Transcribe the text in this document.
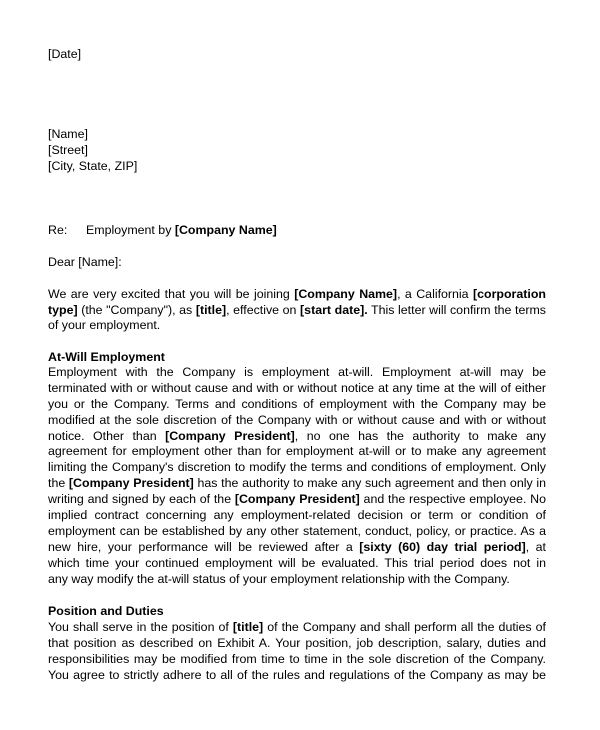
[Date]
[Name]
[Street]
[City, State, ZIP]
Re: Employment by [Company Name]
Dear [Name]:
We are very excited that you will be joining [Company Name], a California [corporation
type] (the "Company"), as [title], effective on [start date]. This letter will confirm the terms
of your employment.
At-Will Employment
Employment with the Company is employment at-will. Employment at-will may be
terminated with or without cause and with or without notice at any time at the will of either
you or the Company. Terms and conditions of employment with the Company may be
modified at the sole discretion of the Company with or without cause and with or without
notice. Other than [Company President], no one has the authority to make any
agreement for employment other than for employment at-will or to make any agreement
limiting the Company's discretion to modify the terms and conditions of employment. Only
the [Company President] has the authority to make any such agreement and then only in
writing and signed by each of the [Company President] and the respective employee. No
implied contract concerning any employment-related decision or term or condition of
employment can be established by any other statement, conduct, policy, or practice. As a
new hire, your performance will be reviewed after a [sixty (60) day trial period], at
which time your continued employment will be evaluated. This trial period does not in
any way modify the at-will status of your employment relationship with the Company.
Position and Duties
You shall serve in the position of [title] of the Company and shall perform all the duties of
that position as described on Exhibit A. Your position, job description, salary, duties and
responsibilities may be modified from time to time in the sole discretion of the Company.
You agree to strictly adhere to all of the rules and regulations of the Company as may be
